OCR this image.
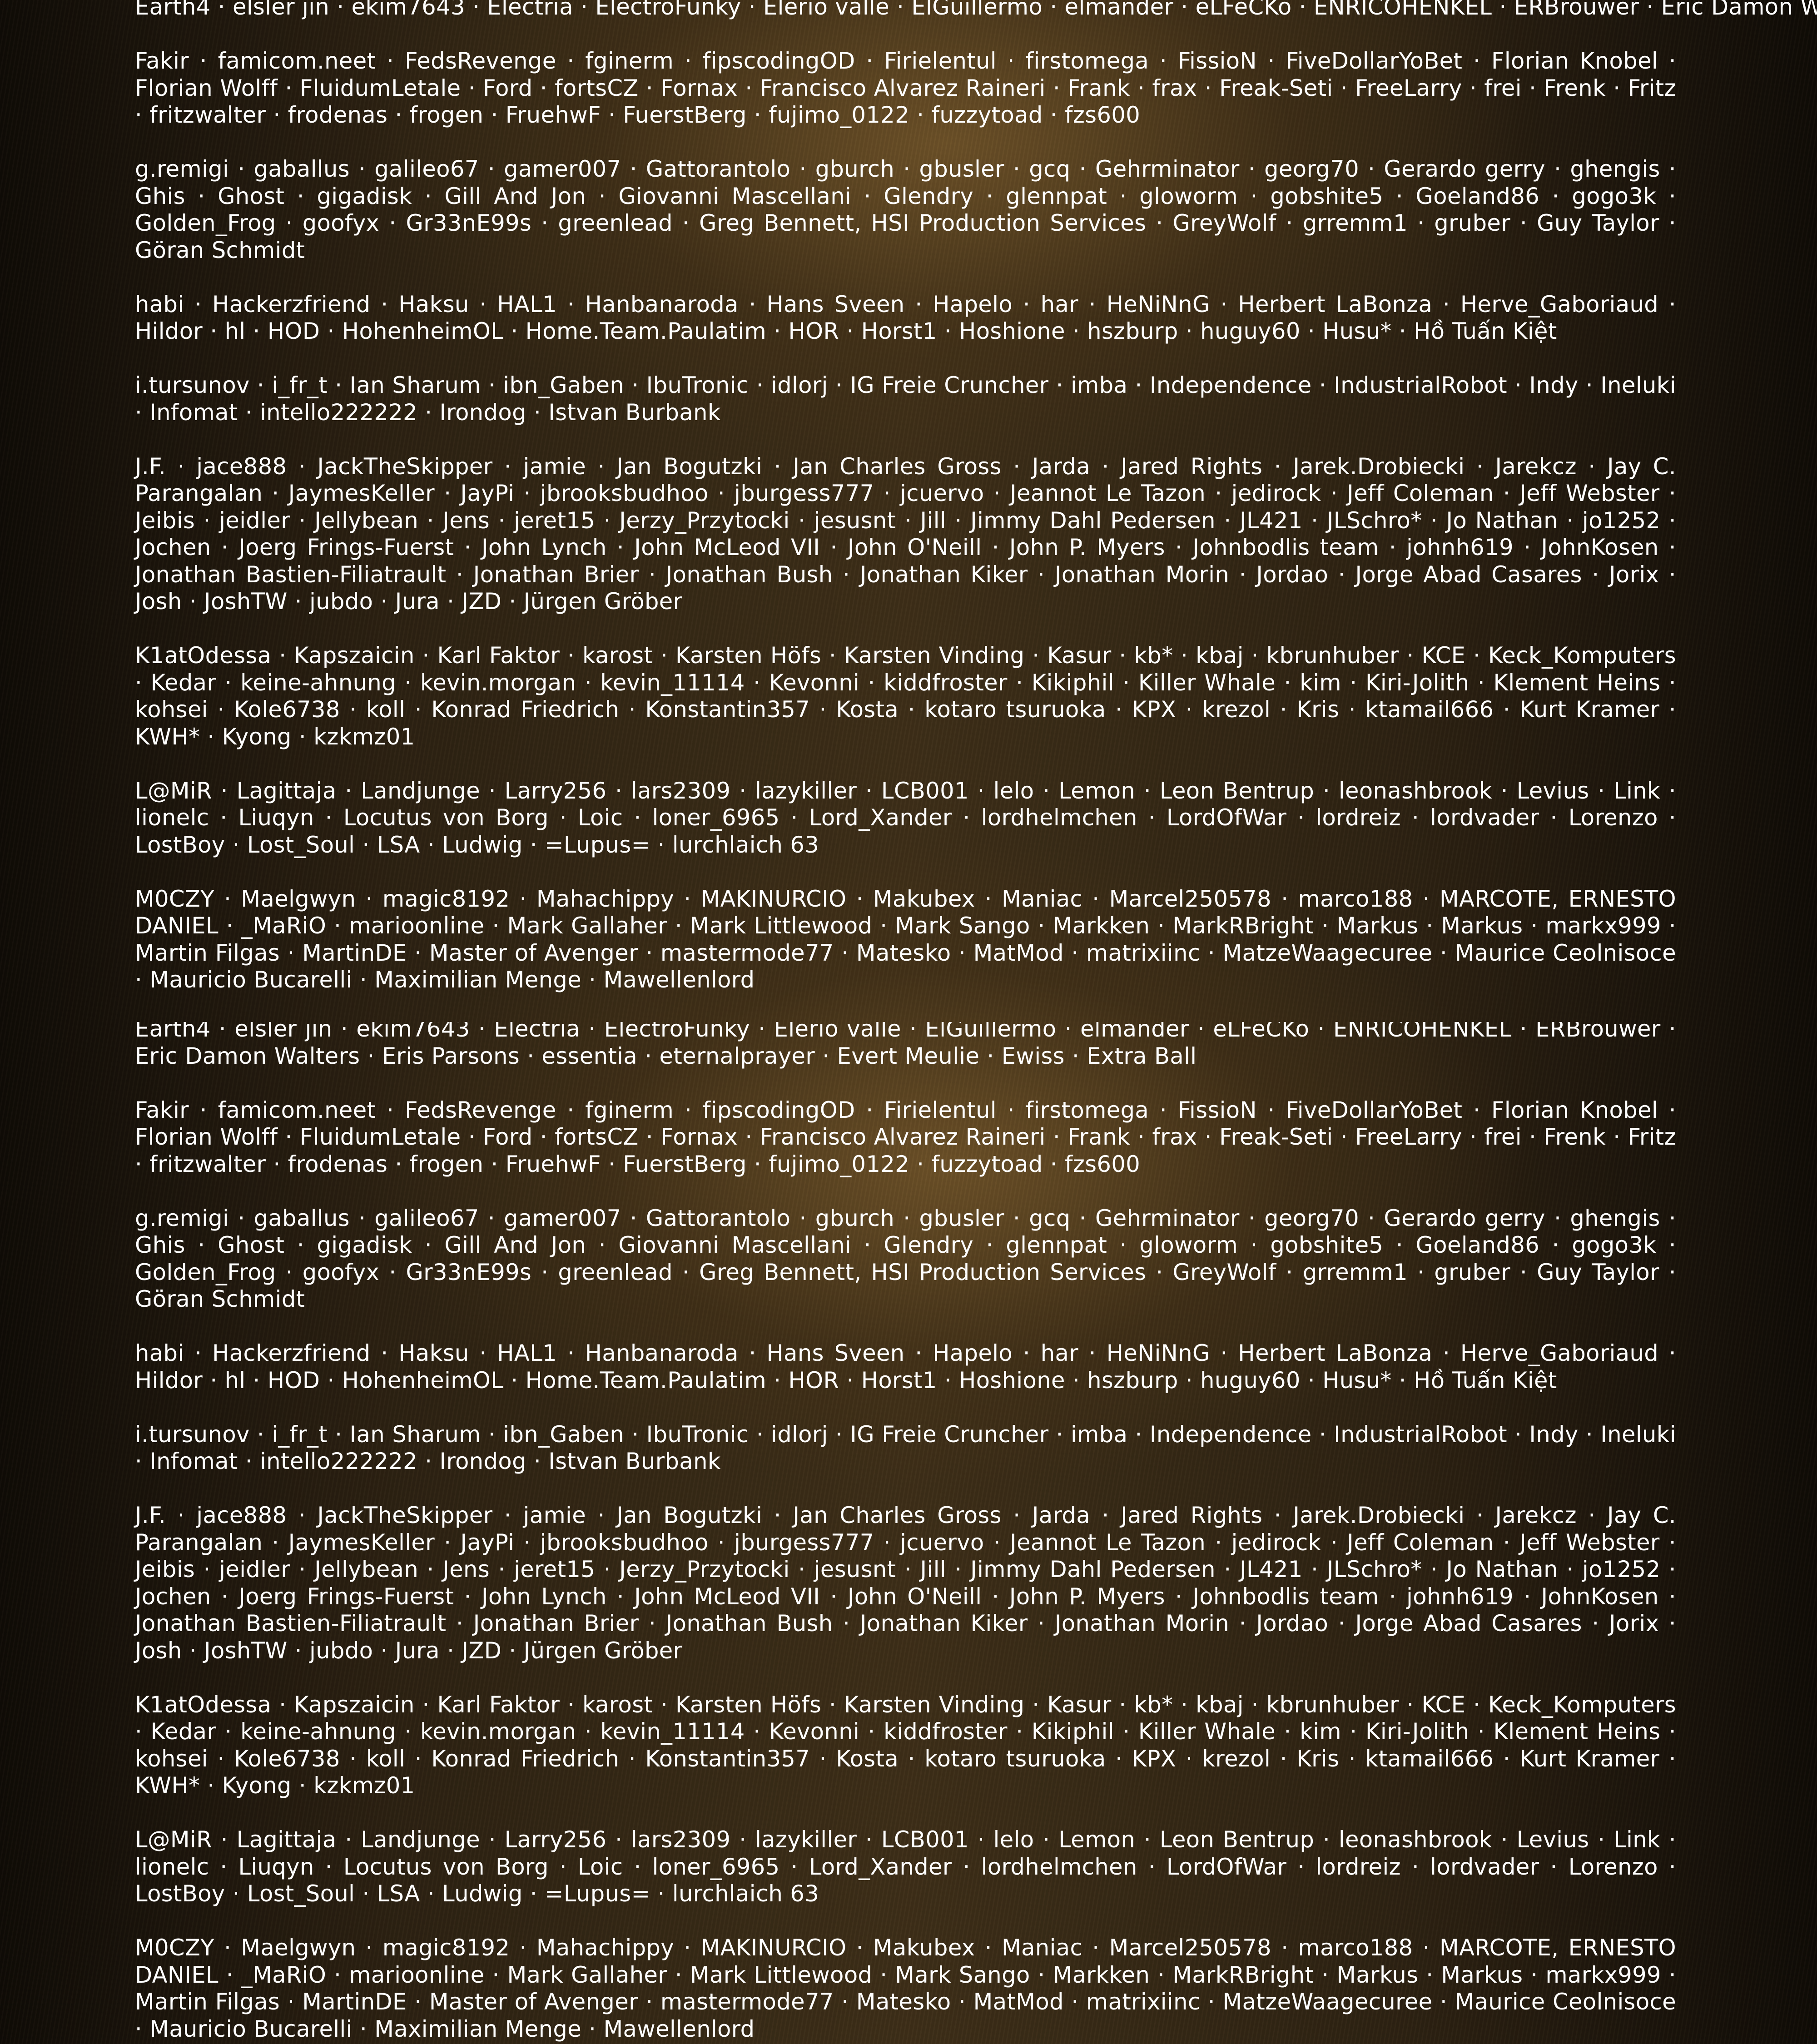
Earth4 · elsler jin · ekim7643 · Electria · ElectroFunky · Elerio valle · ElGuillermo · elmander · eLFeCKo · ENRICOHENKEL · ERBrouwer · Eric Damon W

Fakir · famicom.neet · FedsRevenge · fginerm · fipscodingOD · Firielentul · firstomega · FissioN · FiveDollarYoBet · Florian Knobel · Florian Wolff · FluidumLetale · Ford · fortsCZ · Fornax · Francisco Alvarez Raineri · Frank · frax · Freak-Seti · FreeLarry · frei · Frenk · Fritz · fritzwalter · frodenas · frogen · FruehwF · FuerstBerg · fujimo_0122 · fuzzytoad · fzs600

g.remigi · gaballus · galileo67 · gamer007 · Gattorantolo · gburch · gbusler · gcq · Gehrminator · georg70 · Gerardo gerry · ghengis · Ghis · Ghost · gigadisk · Gill And Jon · Giovanni Mascellani · Glendry · glennpat · gloworm · gobshite5 · Goeland86 · gogo3k · Golden_Frog · goofyx · Gr33nE99s · greenlead · Greg Bennett, HSI Production Services · GreyWolf · grremm1 · gruber · Guy Taylor · Göran Schmidt

habi · Hackerzfriend · Haksu · HAL1 · Hanbanaroda · Hans Sveen · Hapelo · har · HeNiNnG · Herbert LaBonza · Herve_Gaboriaud · Hildor · hl · HOD · HohenheimOL · Home.Team.Paulatim · HOR · Horst1 · Hoshione · hszburp · huguy60 · Husu* · Hồ Tuấn Kiệt

i.tursunov · i_fr_t · Ian Sharum · ibn_Gaben · IbuTronic · idlorj · IG Freie Cruncher · imba · Independence · IndustrialRobot · Indy · Ineluki · Infomat · intello222222 · Irondog · Istvan Burbank

J.F. · jace888 · JackTheSkipper · jamie · Jan Bogutzki · Jan Charles Gross · Jarda · Jared Rights · Jarek.Drobiecki · Jarekcz · Jay C. Parangalan · JaymesKeller · JayPi · jbrooksbudhoo · jburgess777 · jcuervo · Jeannot Le Tazon · jedirock · Jeff Coleman · Jeff Webster · Jeibis · jeidler · Jellybean · Jens · jeret15 · Jerzy_Przytocki · jesusnt · Jill · Jimmy Dahl Pedersen · JL421 · JLSchro* · Jo Nathan · jo1252 · Jochen · Joerg Frings-Fuerst · John Lynch · John McLeod VII · John O'Neill · John P. Myers · Johnbodlis team · johnh619 · JohnKosen · Jonathan Bastien-Filiatrault · Jonathan Brier · Jonathan Bush · Jonathan Kiker · Jonathan Morin · Jordao · Jorge Abad Casares · Jorix · Josh · JoshTW · jubdo · Jura · JZD · Jürgen Gröber

K1atOdessa · Kapszaicin · Karl Faktor · karost · Karsten Höfs · Karsten Vinding · Kasur · kb* · kbaj · kbrunhuber · KCE · Keck_Komputers · Kedar · keine-ahnung · kevin.morgan · kevin_11114 · Kevonni · kiddfroster · Kikiphil · Killer Whale · kim · Kiri-Jolith · Klement Heins · kohsei · Kole6738 · koll · Konrad Friedrich · Konstantin357 · Kosta · kotaro tsuruoka · KPX · krezol · Kris · ktamail666 · Kurt Kramer · KWH* · Kyong · kzkmz01

L@MiR · Lagittaja · Landjunge · Larry256 · lars2309 · lazykiller · LCB001 · lelo · Lemon · Leon Bentrup · leonashbrook · Levius · Link · lionelc · Liuqyn · Locutus von Borg · Loic · loner_6965 · Lord_Xander · lordhelmchen · LordOfWar · lordreiz · lordvader · Lorenzo · LostBoy · Lost_Soul · LSA · Ludwig · =Lupus= · lurchlaich 63

M0CZY · Maelgwyn · magic8192 · Mahachippy · MAKINURCIO · Makubex · Maniac · Marcel250578 · marco188 · MARCOTE, ERNESTO DANIEL · _MaRiO · marioonline · Mark Gallaher · Mark Littlewood · Mark Sango · Markken · MarkRBright · Markus · Markus · markx999 · Martin Filgas · MartinDE · Master of Avenger · mastermode77 · Matesko · MatMod · matrixiinc · MatzeWaagecuree · Maurice Ceolnisoce · Mauricio Bucarelli · Maximilian Menge · Mawellenlord

Earth4 · elsler jin · ekim7643 · Electria · ElectroFunky · Elerio valle · ElGuillermo · elmander · eLFeCKo · ENRICOHENKEL · ERBrouwer · Eric Damon Walters · Eris Parsons · essentia · eternalprayer · Evert Meulie · Ewiss · Extra Ball

Fakir · famicom.neet · FedsRevenge · fginerm · fipscodingOD · Firielentul · firstomega · FissioN · FiveDollarYoBet · Florian Knobel · Florian Wolff · FluidumLetale · Ford · fortsCZ · Fornax · Francisco Alvarez Raineri · Frank · frax · Freak-Seti · FreeLarry · frei · Frenk · Fritz · fritzwalter · frodenas · frogen · FruehwF · FuerstBerg · fujimo_0122 · fuzzytoad · fzs600

g.remigi · gaballus · galileo67 · gamer007 · Gattorantolo · gburch · gbusler · gcq · Gehrminator · georg70 · Gerardo gerry · ghengis · Ghis · Ghost · gigadisk · Gill And Jon · Giovanni Mascellani · Glendry · glennpat · gloworm · gobshite5 · Goeland86 · gogo3k · Golden_Frog · goofyx · Gr33nE99s · greenlead · Greg Bennett, HSI Production Services · GreyWolf · grremm1 · gruber · Guy Taylor · Göran Schmidt

habi · Hackerzfriend · Haksu · HAL1 · Hanbanaroda · Hans Sveen · Hapelo · har · HeNiNnG · Herbert LaBonza · Herve_Gaboriaud · Hildor · hl · HOD · HohenheimOL · Home.Team.Paulatim · HOR · Horst1 · Hoshione · hszburp · huguy60 · Husu* · Hồ Tuấn Kiệt

i.tursunov · i_fr_t · Ian Sharum · ibn_Gaben · IbuTronic · idlorj · IG Freie Cruncher · imba · Independence · IndustrialRobot · Indy · Ineluki · Infomat · intello222222 · Irondog · Istvan Burbank

J.F. · jace888 · JackTheSkipper · jamie · Jan Bogutzki · Jan Charles Gross · Jarda · Jared Rights · Jarek.Drobiecki · Jarekcz · Jay C. Parangalan · JaymesKeller · JayPi · jbrooksbudhoo · jburgess777 · jcuervo · Jeannot Le Tazon · jedirock · Jeff Coleman · Jeff Webster · Jeibis · jeidler · Jellybean · Jens · jeret15 · Jerzy_Przytocki · jesusnt · Jill · Jimmy Dahl Pedersen · JL421 · JLSchro* · Jo Nathan · jo1252 · Jochen · Joerg Frings-Fuerst · John Lynch · John McLeod VII · John O'Neill · John P. Myers · Johnbodlis team · johnh619 · JohnKosen · Jonathan Bastien-Filiatrault · Jonathan Brier · Jonathan Bush · Jonathan Kiker · Jonathan Morin · Jordao · Jorge Abad Casares · Jorix · Josh · JoshTW · jubdo · Jura · JZD · Jürgen Gröber

K1atOdessa · Kapszaicin · Karl Faktor · karost · Karsten Höfs · Karsten Vinding · Kasur · kb* · kbaj · kbrunhuber · KCE · Keck_Komputers · Kedar · keine-ahnung · kevin.morgan · kevin_11114 · Kevonni · kiddfroster · Kikiphil · Killer Whale · kim · Kiri-Jolith · Klement Heins · kohsei · Kole6738 · koll · Konrad Friedrich · Konstantin357 · Kosta · kotaro tsuruoka · KPX · krezol · Kris · ktamail666 · Kurt Kramer · KWH* · Kyong · kzkmz01

L@MiR · Lagittaja · Landjunge · Larry256 · lars2309 · lazykiller · LCB001 · lelo · Lemon · Leon Bentrup · leonashbrook · Levius · Link · lionelc · Liuqyn · Locutus von Borg · Loic · loner_6965 · Lord_Xander · lordhelmchen · LordOfWar · lordreiz · lordvader · Lorenzo · LostBoy · Lost_Soul · LSA · Ludwig · =Lupus= · lurchlaich 63

M0CZY · Maelgwyn · magic8192 · Mahachippy · MAKINURCIO · Makubex · Maniac · Marcel250578 · marco188 · MARCOTE, ERNESTO DANIEL · _MaRiO · marioonline · Mark Gallaher · Mark Littlewood · Mark Sango · Markken · MarkRBright · Markus · Markus · markx999 · Martin Filgas · MartinDE · Master of Avenger · mastermode77 · Matesko · MatMod · matrixiinc · MatzeWaagecuree · Maurice Ceolnisoce · Mauricio Bucarelli · Maximilian Menge · Mawellenlord
